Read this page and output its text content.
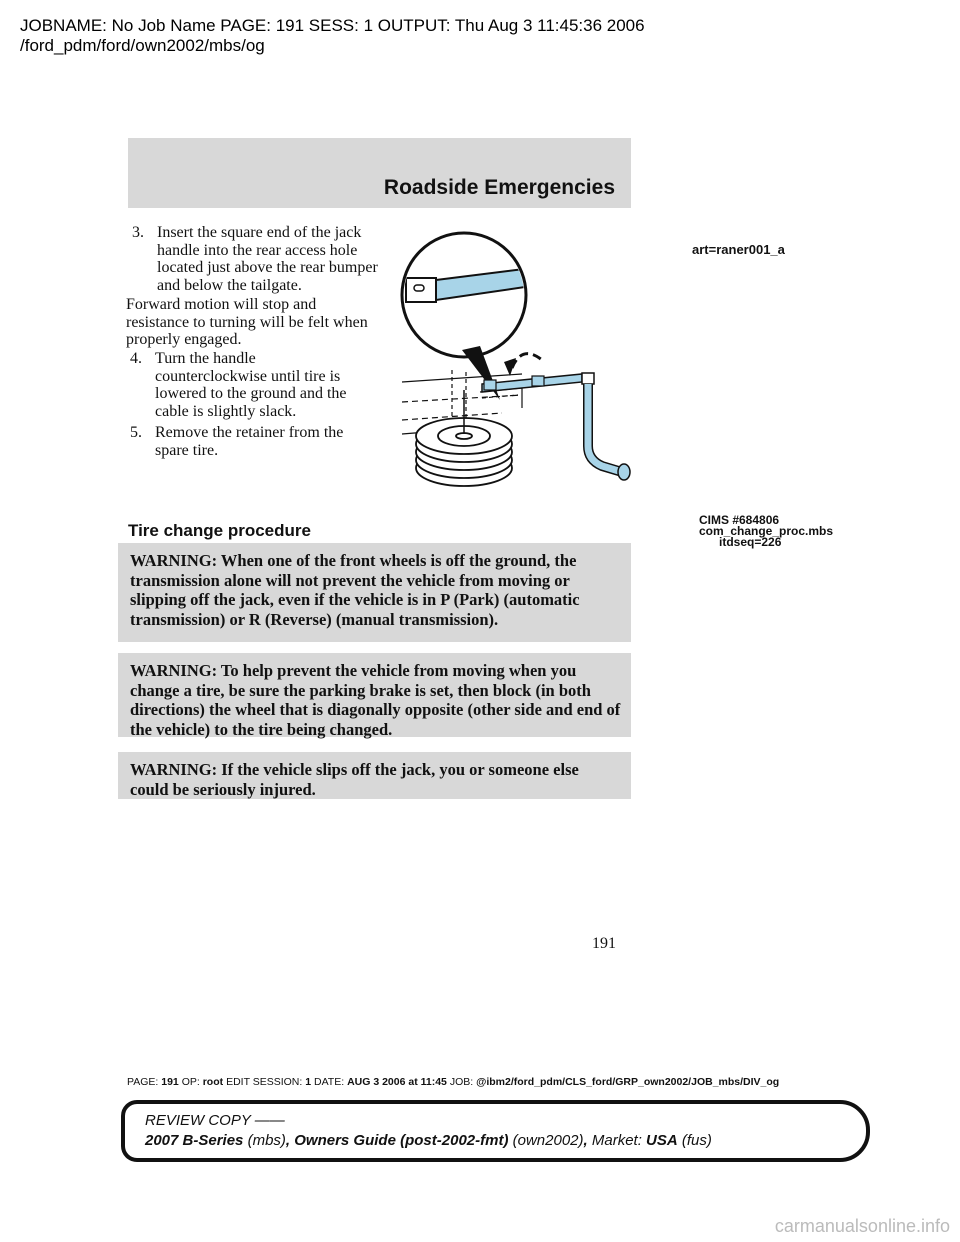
JOBNAME: No Job Name PAGE: 191 SESS: 1 OUTPUT: Thu Aug 3 11:45:36 2006
/ford_pdm/ford/own2002/mbs/og
Roadside Emergencies
3. Insert the square end of the jack handle into the rear access hole located just above the rear bumper and below the tailgate.
Forward motion will stop and resistance to turning will be felt when properly engaged.
4. Turn the handle counterclockwise until tire is lowered to the ground and the cable is slightly slack.
5. Remove the retainer from the spare tire.
art=raner001_a
Tire change procedure
CIMS #684806
com_change_proc.mbs
itdseq=226

WARNING: When one of the front wheels is off the ground, the transmission alone will not prevent the vehicle from moving or slipping off the jack, even if the vehicle is in P (Park) (automatic transmission) or R (Reverse) (manual transmission).

WARNING: To help prevent the vehicle from moving when you change a tire, be sure the parking brake is set, then block (in both directions) the wheel that is diagonally opposite (other side and end of the vehicle) to the tire being changed.

WARNING: If the vehicle slips off the jack, you or someone else could be seriously injured.

191
PAGE: 191 OP: root EDIT SESSION: 1 DATE: AUG 3 2006 at 11:45 JOB: @ibm2/ford_pdm/CLS_ford/GRP_own2002/JOB_mbs/DIV_og
REVIEW COPY ——
2007 B-Series (mbs), Owners Guide (post-2002-fmt) (own2002), Market: USA (fus)
carmanualsonline.info
